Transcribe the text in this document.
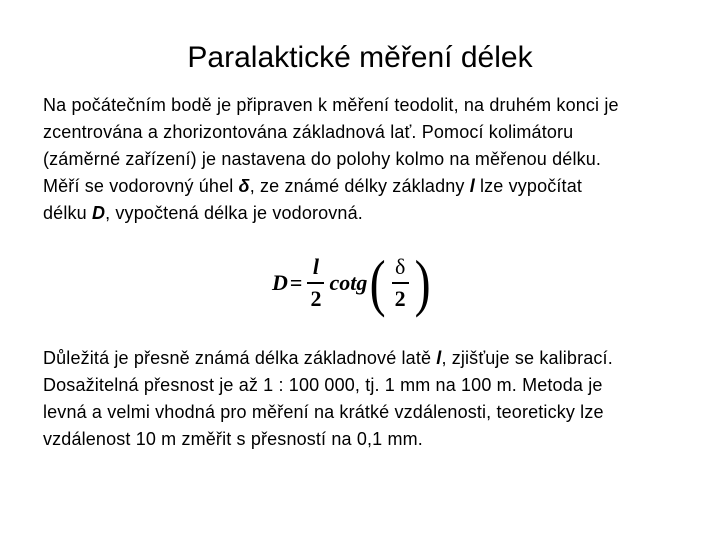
Paralaktické měření délek
Na počátečním bodě je připraven k měření teodolit, na druhém konci je
zcentrována a zhorizontována základnová lať. Pomocí kolimátoru
(záměrné zařízení) je nastavena do polohy kolmo na měřenou délku.
Měří se vodorovný úhel δ, ze známé délky základny l lze vypočítat
délku D, vypočtená délka je vodorovná.
$D = \frac{l}{2}$ cotg ( $\frac{\delta}{2}$ )
Důležitá je přesně známá délka základnové latě l, zjišťuje se kalibrací.
Dosažitelná přesnost je až 1 : 100 000, tj. 1 mm na 100 m. Metoda je
levná a velmi vhodná pro měření na krátké vzdálenosti, teoreticky lze
vzdálenost 10 m změřit s přesností na 0,1 mm.
